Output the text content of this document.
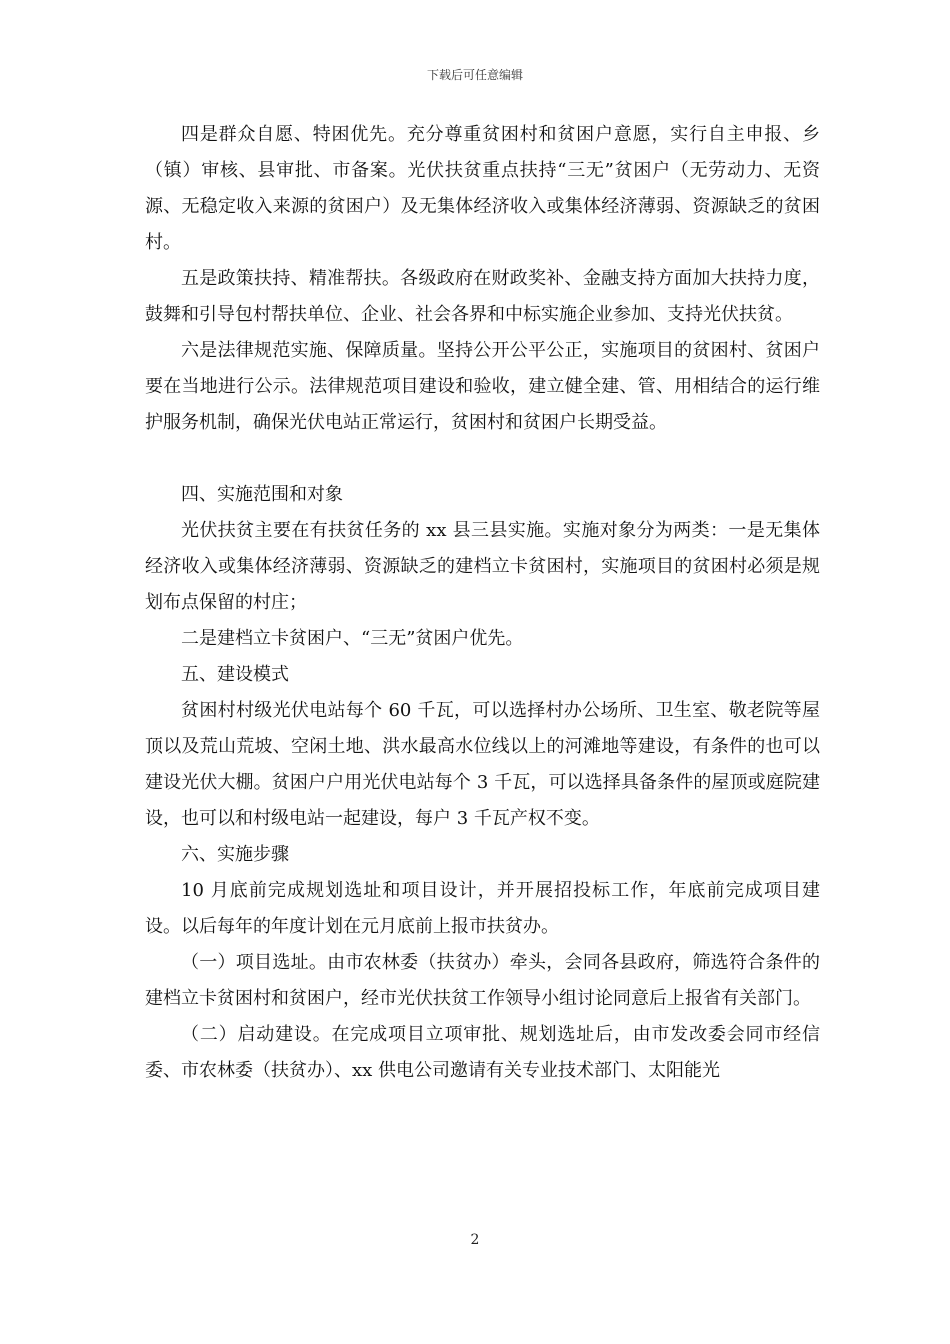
下载后可任意编辑

四是群众自愿、特困优先。充分尊重贫困村和贫困户意愿，实行自主申报、乡（镇）审核、县审批、市备案。光伏扶贫重点扶持“三无”贫困户（无劳动力、无资源、无稳定收入来源的贫困户）及无集体经济收入或集体经济薄弱、资源缺乏的贫困村。

五是政策扶持、精准帮扶。各级政府在财政奖补、金融支持方面加大扶持力度，鼓舞和引导包村帮扶单位、企业、社会各界和中标实施企业参加、支持光伏扶贫。

六是法律规范实施、保障质量。坚持公开公平公正，实施项目的贫困村、贫困户要在当地进行公示。法律规范项目建设和验收，建立健全建、管、用相结合的运行维护服务机制，确保光伏电站正常运行，贫困村和贫困户长期受益。

四、实施范围和对象

光伏扶贫主要在有扶贫任务的 xx 县三县实施。实施对象分为两类：一是无集体经济收入或集体经济薄弱、资源缺乏的建档立卡贫困村，实施项目的贫困村必须是规划布点保留的村庄；

二是建档立卡贫困户、“三无”贫困户优先。

五、建设模式

贫困村村级光伏电站每个 60 千瓦，可以选择村办公场所、卫生室、敬老院等屋顶以及荒山荒坡、空闲土地、洪水最高水位线以上的河滩地等建设，有条件的也可以建设光伏大棚。贫困户户用光伏电站每个 3 千瓦，可以选择具备条件的屋顶或庭院建设，也可以和村级电站一起建设，每户 3 千瓦产权不变。

六、实施步骤

10 月底前完成规划选址和项目设计，并开展招投标工作，年底前完成项目建设。以后每年的年度计划在元月底前上报市扶贫办。

（一）项目选址。由市农林委（扶贫办）牵头，会同各县政府，筛选符合条件的建档立卡贫困村和贫困户，经市光伏扶贫工作领导小组讨论同意后上报省有关部门。

（二）启动建设。在完成项目立项审批、规划选址后，由市发改委会同市经信委、市农林委（扶贫办）、xx 供电公司邀请有关专业技术部门、太阳能光

2
